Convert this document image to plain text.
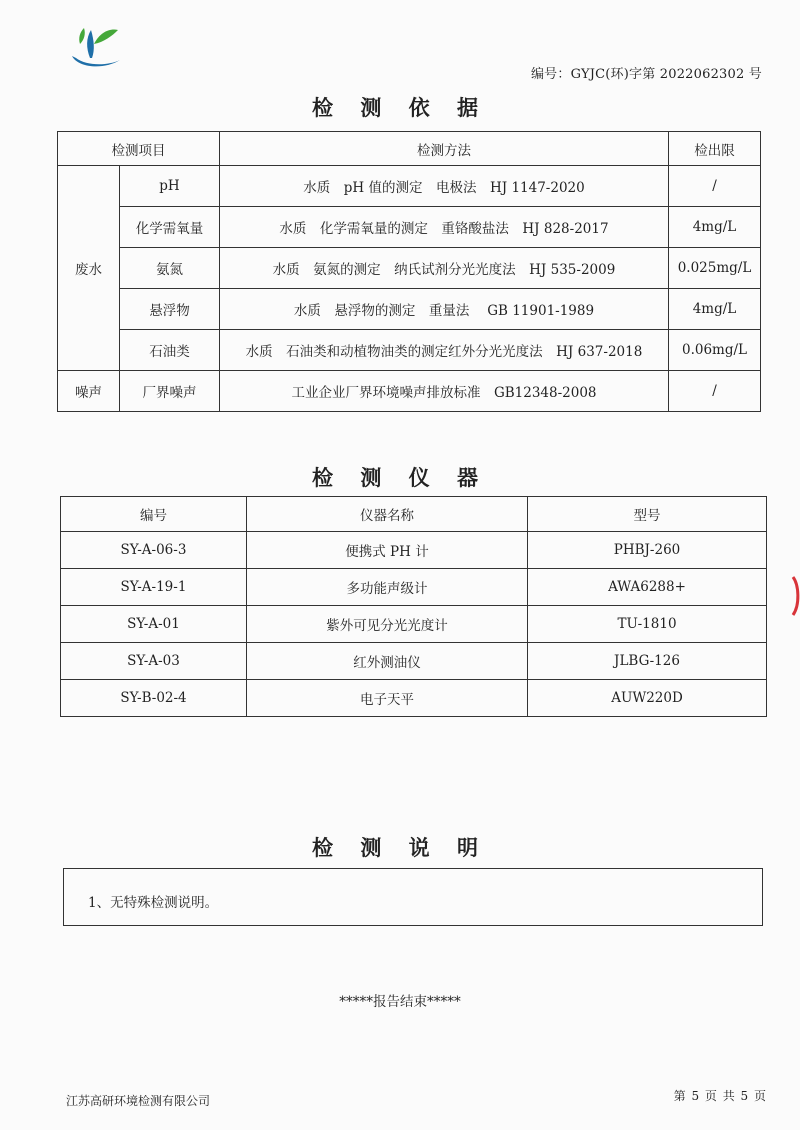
编号：GYJC(环)字第 2022062302 号
检 测 依 据
检测项目		检测方法	检出限
废水	pH	水质　pH 值的测定　电极法　HJ 1147-2020	/
	化学需氧量	水质　化学需氧量的测定　重铬酸盐法　HJ 828-2017	4mg/L
	氨氮	水质　氨氮的测定　纳氏试剂分光光度法　HJ 535-2009	0.025mg/L
	悬浮物	水质　悬浮物的测定　重量法　 GB 11901-1989	4mg/L
	石油类	水质　石油类和动植物油类的测定红外分光光度法　HJ 637-2018	0.06mg/L
噪声	厂界噪声	工业企业厂界环境噪声排放标准　GB12348-2008	/
检 测 仪 器
编号	仪器名称	型号
SY-A-06-3	便携式 PH 计	PHBJ-260
SY-A-19-1	多功能声级计	AWA6288+
SY-A-01	紫外可见分光光度计	TU-1810
SY-A-03	红外测油仪	JLBG-126
SY-B-02-4	电子天平	AUW220D
检 测 说 明
1、无特殊检测说明。
*****报告结束*****
江苏高研环境检测有限公司	第 5 页 共 5 页
